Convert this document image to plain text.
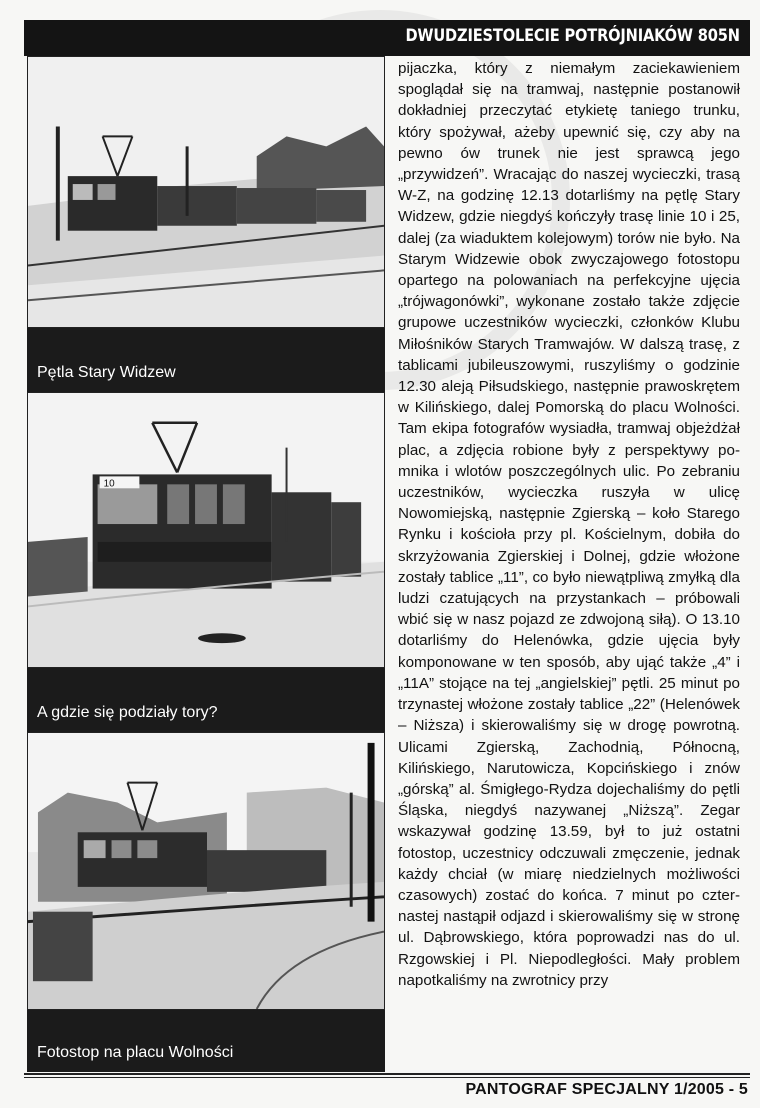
DWUDZIESTOLECIE POTRÓJNIAKÓW 805N
Pętla Stary Widzew
10
A gdzie się podziały tory?
Fotostop na placu Wolności

pijaczka, który z niemałym zaciekawieniem spoglądał się na tramwaj, następnie postanowił dokładniej przeczytać etykietę taniego trunku, który spożywał, ażeby upewnić się, czy aby na pewno ów trunek nie jest sprawcą jego „przywidzeń”. Wracając do naszej wycieczki, trasą W-Z, na godzinę 12.13 dotarliśmy na pętlę Stary Widzew, gdzie niegdyś kończyły trasę linie 10 i 25, dalej (za wiaduktem kolejowym) torów nie było. Na Starym Widzewie obok zwyczajowego fotostopu opartego na polowaniach na perfekcyjne ujęcia „trójwagonówki”, wykonane zostało także zdjęcie grupowe uczestników wycieczki, członków Klubu Miłośników Starych Tramwajów. W dalszą trasę, z tablicami jubileuszowymi, ruszyliśmy o godzinie 12.30 aleją Piłsudskiego, następnie prawoskrętem w Kilińskiego, dalej Pomorską do placu Wolności. Tam ekipa fotografów wysiadła, tramwaj objeżdżał plac, a zdjęcia robione były z perspektywy pomnika i wlotów poszczególnych ulic. Po zebraniu uczestników, wycieczka ruszyła w ulicę Nowomiejską, następnie Zgierską – koło Starego Rynku i kościoła przy pl. Kościelnym, dobiła do skrzyżowania Zgierskiej i Dolnej, gdzie włożone zostały tablice „11”, co było niewątpliwą zmyłką dla ludzi czatujących na przystankach – próbowali wbić się w nasz pojazd ze zdwojoną siłą). O 13.10 dotarliśmy do Helenówka, gdzie ujęcia były komponowane w ten sposób, aby ująć także „4” i „11A” stojące na tej „angielskiej” pętli. 25 minut po trzynastej włożone zostały tablice „22” (Helenówek – Niższa) i skierowaliśmy się w drogę powrotną. Ulicami Zgierską, Zachodnią, Północną, Kilińskiego, Narutowicza, Kopcińskiego i znów „górską” al. Śmigłego-Rydza dojechaliśmy do pętli Śląska, niegdyś nazywanej „Niższą”. Zegar wskazywał godzinę 13.59, był to już ostatni fotostop, uczestnicy odczuwali zmęczenie, jednak każdy chciał (w miarę niedzielnych możliwości czasowych) zostać do końca. 7 minut po czternastej nastąpił odjazd i skierowaliśmy się w stronę ul. Dąbrowskiego, która poprowadzi nas do ul. Rzgowskiej i Pl. Niepodległości. Mały problem napotkaliśmy na zwrotnicy przy

PANTOGRAF SPECJALNY 1/2005 - 5
